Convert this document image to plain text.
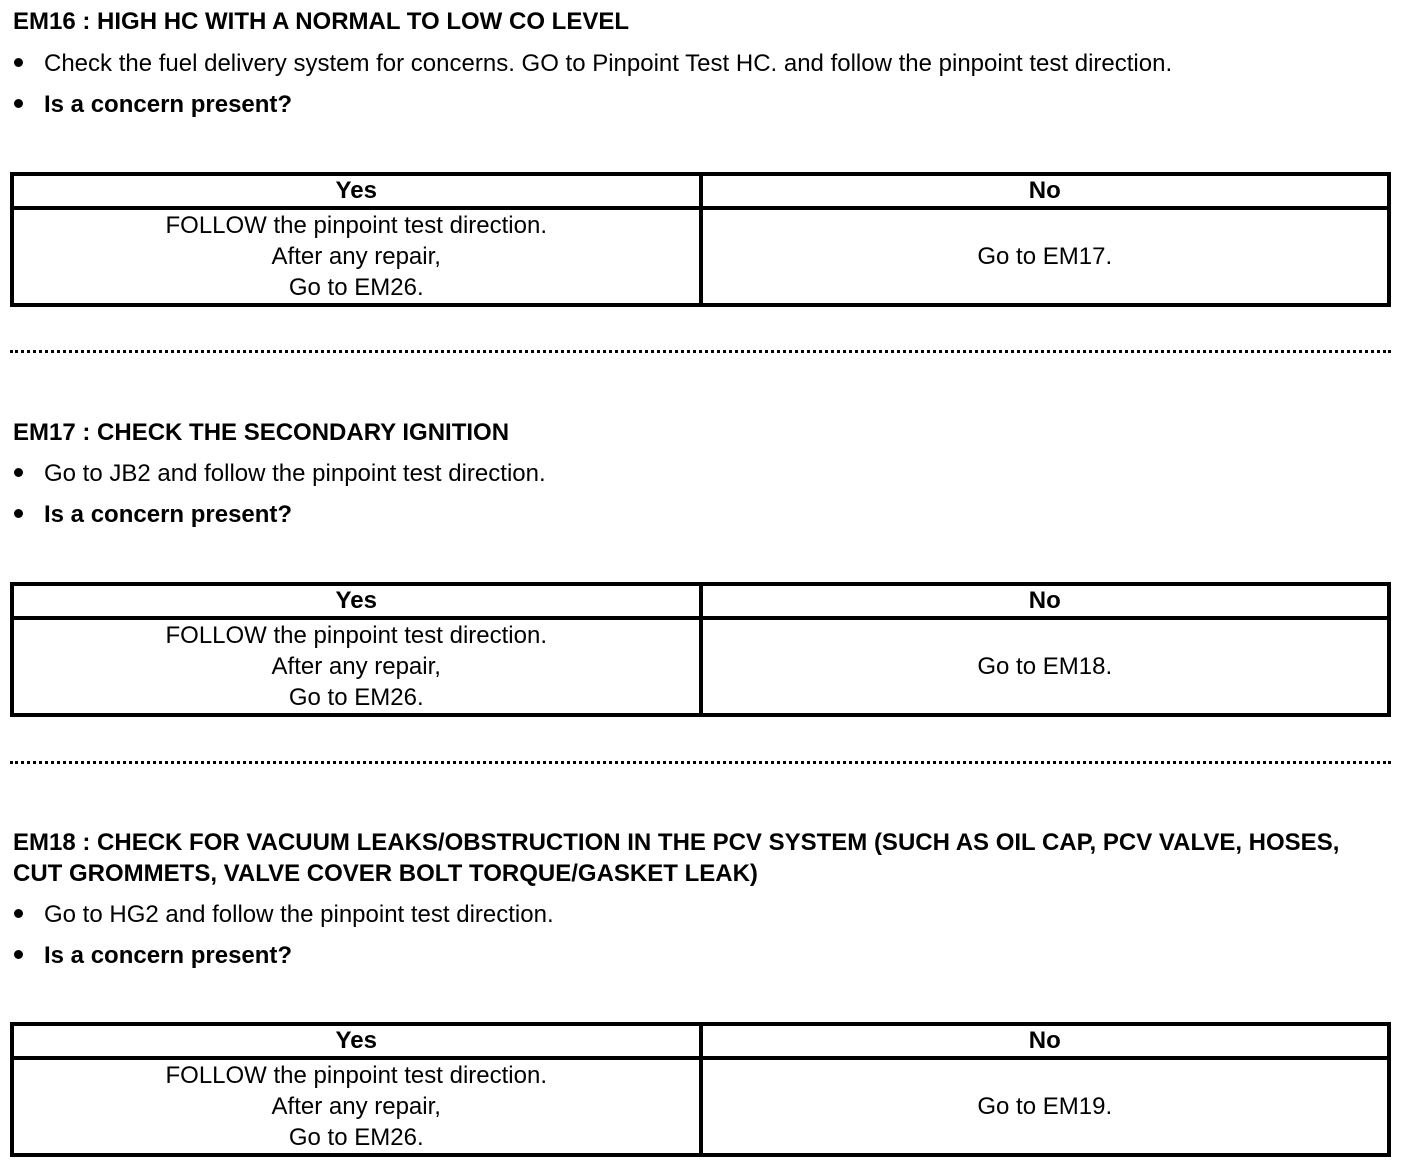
EM16 : HIGH HC WITH A NORMAL TO LOW CO LEVEL
Check the fuel delivery system for concerns. GO to Pinpoint Test HC. and follow the pinpoint test direction.
Is a concern present?
Yes	No

FOLLOW the pinpoint test direction.
After any repair,
Go to EM26.	Go to EM17.
EM17 : CHECK THE SECONDARY IGNITION
Go to JB2 and follow the pinpoint test direction.
Is a concern present?
Yes	No

FOLLOW the pinpoint test direction.
After any repair,
Go to EM26.	Go to EM18.
EM18 : CHECK FOR VACUUM LEAKS/OBSTRUCTION IN THE PCV SYSTEM (SUCH AS OIL CAP, PCV VALVE, HOSES, CUT GROMMETS, VALVE COVER BOLT TORQUE/GASKET LEAK)
Go to HG2 and follow the pinpoint test direction.
Is a concern present?
Yes	No

FOLLOW the pinpoint test direction.
After any repair,
Go to EM26.	Go to EM19.
